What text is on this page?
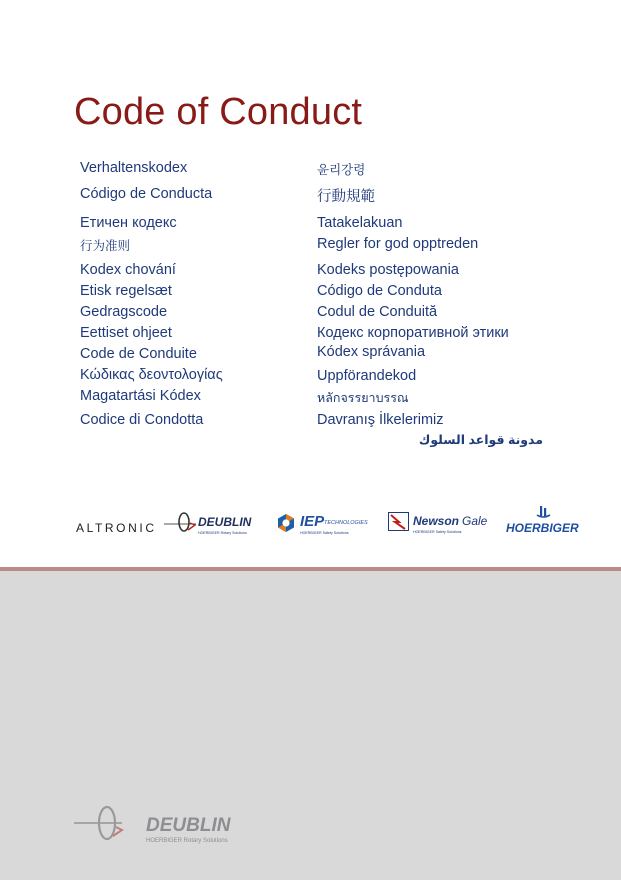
Code of Conduct
Verhaltenskodex
Código de Conducta
Етичен кодекс
行为准则
Kodex chování
Etisk regelsæt
Gedragscode
Eettiset ohjeet
Code de Conduite
Κώδικας δεοντολογίας
Magatartási Kódex
Codice di Condotta
윤리강령
行動規範
Tatakelakuan
Regler for god opptreden
Kodeks postępowania
Código de Conduta
Codul de Conduită
Кодекс корпоративной этики
Kódex správania
Uppförandekod
หลักจรรยาบรรณ
Davranış İlkelerimiz
مدونة قواعد السلوك
ALTRONIC	DEUBLIN
HOERBIGER Rotary Solutions
IEP TECHNOLOGIES
HOERBIGER Safety Solutions
Newson Gale
HOERBIGER Safety Solutions	HOERBIGER
DEUBLIN
HOERBIGER Rotary Solutions
